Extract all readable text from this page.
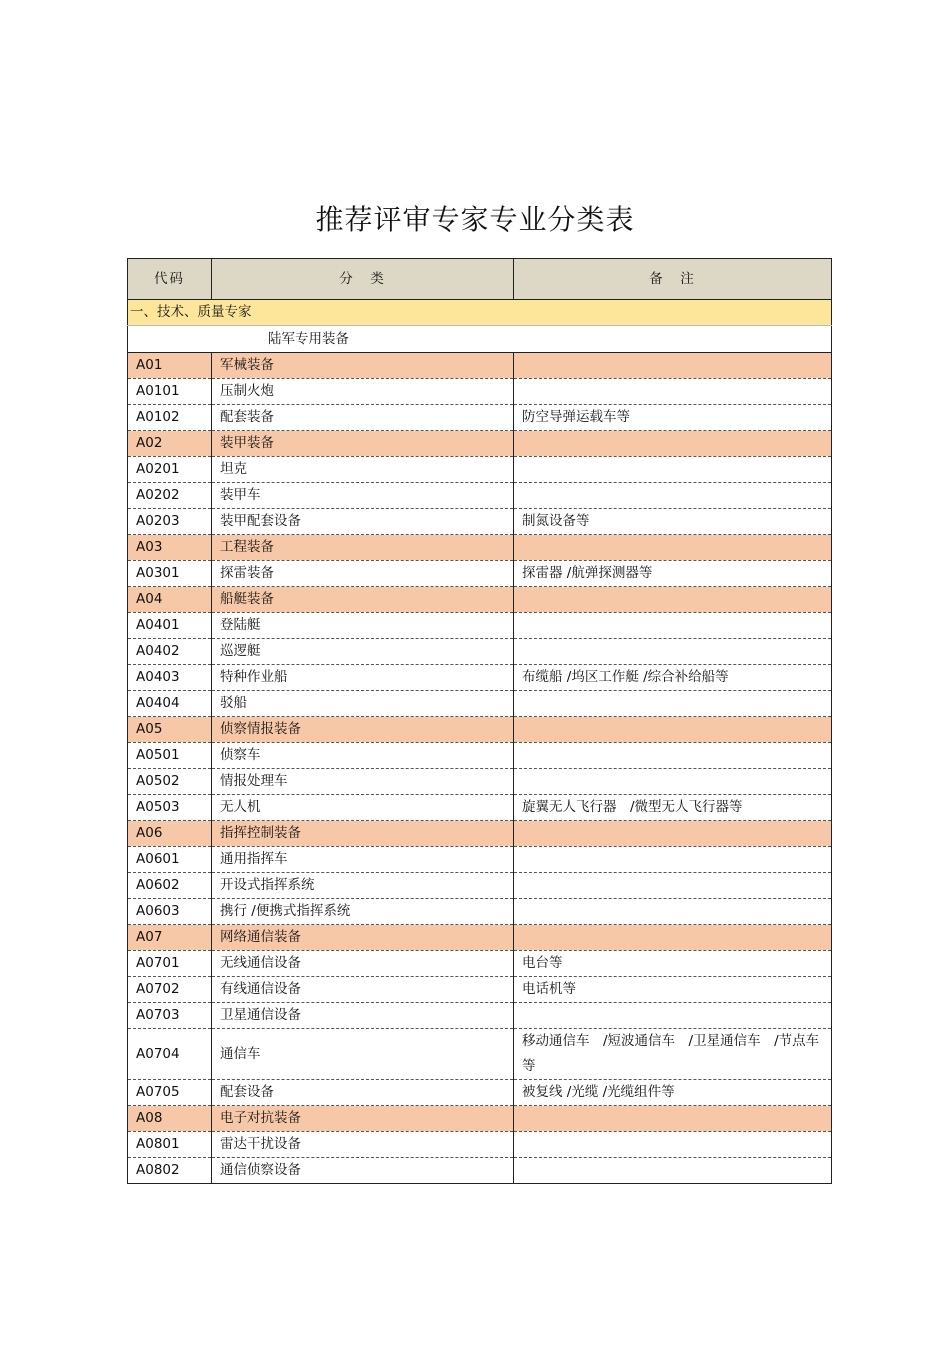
推荐评审专家专业分类表
代码	分　类	备　注
一、技术、质量专家		
陆军专用装备		
A01	军械装备	
A0101	压制火炮	
A0102	配套装备	防空导弹运载车等
A02	装甲装备	
A0201	坦克	
A0202	装甲车	
A0203	装甲配套设备	制氮设备等
A03	工程装备	
A0301	探雷装备	探雷器 /航弹探测器等
A04	船艇装备	
A0401	登陆艇	
A0402	巡逻艇	
A0403	特种作业船	布缆船 /坞区工作艇 /综合补给船等
A0404	驳船	
A05	侦察情报装备	
A0501	侦察车	
A0502	情报处理车	
A0503	无人机	旋翼无人飞行器　/微型无人飞行器等
A06	指挥控制装备	
A0601	通用指挥车	
A0602	开设式指挥系统	
A0603	携行 /便携式指挥系统	
A07	网络通信装备	
A0701	无线通信设备	电台等
A0702	有线通信设备	电话机等
A0703	卫星通信设备	
A0704	通信车	移动通信车　/短波通信车　/卫星通信车　/节点车等
A0705	配套设备	被复线 /光缆 /光缆组件等
A08	电子对抗装备	
A0801	雷达干扰设备	
A0802	通信侦察设备	
